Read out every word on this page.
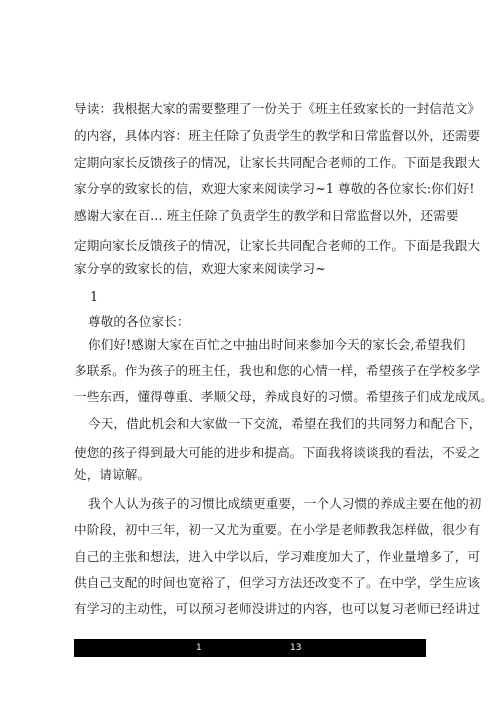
导读：我根据大家的需要整理了一份关于《班主任致家长的一封信范文》
的内容，具体内容：班主任除了负责学生的教学和日常监督以外，还需要
定期向家长反馈孩子的情况，让家长共同配合老师的工作。下面是我跟大
家分享的致家长的信，欢迎大家来阅读学习~1 尊敬的各位家长:你们好!
感谢大家在百... 班主任除了负责学生的教学和日常监督以外，还需要
定期向家长反馈孩子的情况，让家长共同配合老师的工作。下面是我跟大
家分享的致家长的信，欢迎大家来阅读学习~
1
尊敬的各位家长：
你们好!感谢大家在百忙之中抽出时间来参加今天的家长会,希望我们
多联系。作为孩子的班主任，我也和您的心情一样，希望孩子在学校多学
一些东西，懂得尊重、孝顺父母，养成良好的习惯。希望孩子们成龙成凤。
今天，借此机会和大家做一下交流，希望在我们的共同努力和配合下，
使您的孩子得到最大可能的进步和提高。下面我将谈谈我的看法，不妥之
处，请谅解。
我个人认为孩子的习惯比成绩更重要，一个人习惯的养成主要在他的初
中阶段，初中三年，初一又尤为重要。在小学是老师教我怎样做，很少有
自己的主张和想法，进入中学以后，学习难度加大了，作业量增多了，可
供自己支配的时间也宽裕了，但学习方法还改变不了。在中学，学生应该
有学习的主动性，可以预习老师没讲过的内容，也可以复习老师已经讲过
1	13
